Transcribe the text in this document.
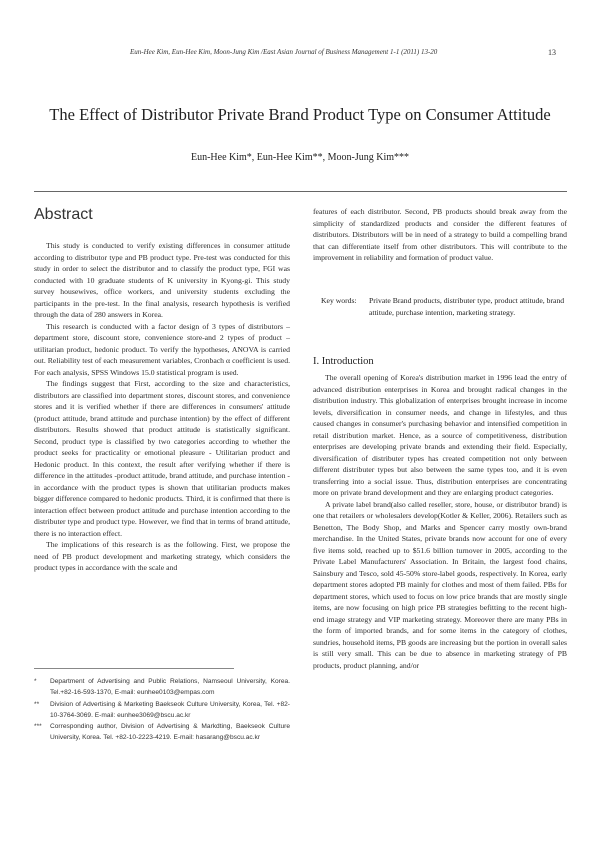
Eun-Hee Kim, Eun-Hee Kim, Moon-Jung Kim /East Asian Journal of Business Management 1-1 (2011) 13-20	13
The Effect of Distributor Private Brand Product Type on Consumer Attitude
Eun-Hee Kim*, Eun-Hee Kim**, Moon-Jung Kim***
Abstract

This study is conducted to verify existing differences in consumer attitude according to distributor type and PB product type. Pre-test was conducted for this study in order to select the distributor and to classify the product type, FGI was conducted with 10 graduate students of K university in Kyong-gi. This study survey housewives, office workers, and university students excluding the participants in the pre-test. In the final analysis, research hypothesis is verified through the data of 280 answers in Korea.

This research is conducted with a factor design of 3 types of distributors –department store, discount store, convenience store-and 2 types of product –utilitarian product, hedonic product. To verify the hypotheses, ANOVA is carried out. Reliability test of each measurement variables, Cronbach α coefficient is used. For each analysis, SPSS Windows 15.0 statistical program is used.

The findings suggest that First, according to the size and characteristics, distributors are classified into department stores, discount stores, and convenience stores and it is verified whether if there are differences in consumers' attitude (product attitude, brand attitude and purchase intention) by the effect of different distributors. Results showed that product attitude is statistically significant. Second, product type is classified by two categories according to whether the product seeks for practicality or emotional pleasure - Utilitarian product and Hedonic product. In this context, the result after verifying whether if there is difference in the attitudes -product attitude, brand attitude, and purchase intention - in accordance with the product types is shown that utilitarian products makes bigger difference compared to hedonic products. Third, it is confirmed that there is interaction effect between product attitude and purchase intention according to the distributer type and product type. However, we find that in terms of brand attitude, there is no interaction effect.

The implications of this research is as the following. First, we propose the need of PB product development and marketing strategy, which considers the product types in accordance with the scale and

features of each distributor. Second, PB products should break away from the simplicity of standardized products and consider the different features of distributors. Distributors will be in need of a strategy to build a compelling brand that can differentiate itself from other distributors. This will contribute to the improvement in reliability and formation of product value.

Key words: Private Brand products, distributer type, product attitude, brand attitude, purchase intention, marketing strategy.
I. Introduction

The overall opening of Korea's distribution market in 1996 lead the entry of advanced distribution enterprises in Korea and brought radical changes in the distribution industry. This globalization of enterprises brought increase in income levels, diversification in consumer needs, and change in lifestyles, and thus caused changes in consumer's purchasing behavior and intensified competition in retail distribution market. Hence, as a source of competitiveness, distribution enterprises are developing private brands and extending their field. Especially, diversification of distributer types has created competition not only between different distributer types but also between the same types too, and it is even transferring into a social issue. Thus, distribution enterprises are concentrating more on private brand development and they are enlarging product categories.

A private label brand(also called reseller, store, house, or distributor brand) is one that retailers or wholesalers develop(Kotler & Keller, 2006). Retailers such as Benetton, The Body Shop, and Marks and Spencer carry mostly own-brand merchandise. In the United States, private brands now account for one of every five items sold, reached up to $51.6 billion turnover in 2005, according to the Private Label Manufacturers' Association. In Britain, the largest food chains, Sainsbury and Tesco, sold 45-50% store-label goods, respectively. In Korea, early department stores adopted PB mainly for clothes and most of them failed. PBs for department stores, which used to focus on low price brands that are mostly single items, are now focusing on high price PB strategies befitting to the recent high-end image strategy and VIP marketing strategy. Moreover there are many PBs in the form of imported brands, and for some items in the category of clothes, sundries, household items, PB goods are increasing but the portion in overall sales is still very small. This can be due to absence in marketing strategy of PB products, product planning, and/or

* Department of Advertising and Public Relations, Namseoul University, Korea. Tel.+82-16-593-1370, E-mail: eunhee0103@empas.com
** Division of Advertising & Marketing Baekseok Culture University, Korea, Tel. +82-10-3764-3069. E-mail: eunhee3069@bscu.ac.kr
*** Corresponding author, Division of Advertising & Markdting, Baekseok Culture University, Korea. Tel. +82-10-2223-4219. E-mail: hasarang@bscu.ac.kr
